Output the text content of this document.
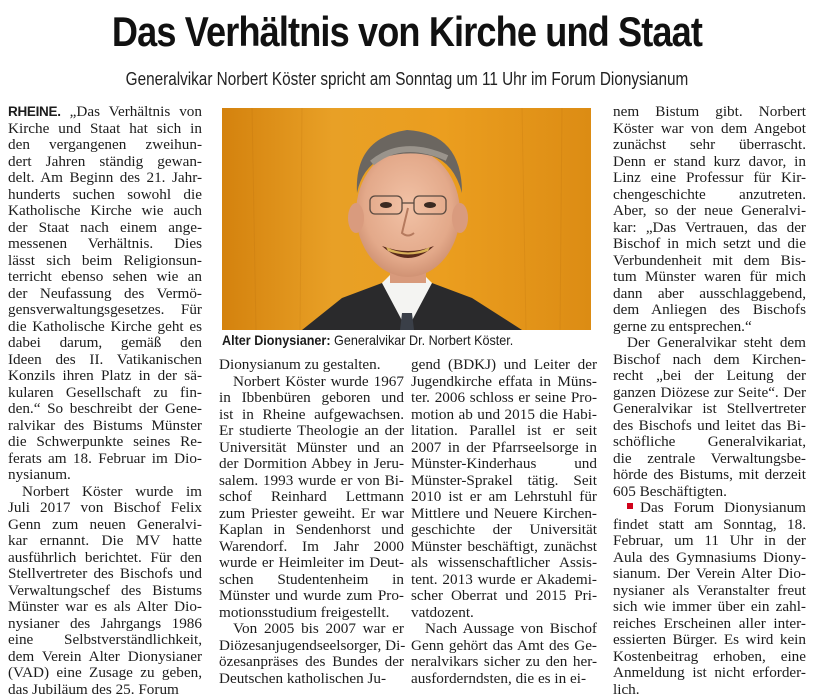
Das Verhältnis von Kirche und Staat

Generalvikar Norbert Köster spricht am Sonntag um 11 Uhr im Forum Dionysianum

RHEINE. „Das Verhältnis von
Kirche und Staat hat sich in
den vergangenen zweihun-
dert Jahren ständig gewan-
delt. Am Beginn des 21. Jahr-
hunderts suchen sowohl die
Katholische Kirche wie auch
der Staat nach einem ange-
messenen Verhältnis. Dies
lässt sich beim Religionsun-
terricht ebenso sehen wie an
der Neufassung des Vermö-
gensverwaltungsgesetzes. Für
die Katholische Kirche geht es
dabei darum, gemäß den
Ideen des II. Vatikanischen
Konzils ihren Platz in der sä-
kularen Gesellschaft zu fin-
den.“ So beschreibt der Gene-
ralvikar des Bistums Münster
die Schwerpunkte seines Re-
ferats am 18. Februar im Dio-
nysianum.
Norbert Köster wurde im
Juli 2017 von Bischof Felix
Genn zum neuen Generalvi-
kar ernannt. Die MV hatte
ausführlich berichtet. Für den
Stellvertreter des Bischofs und
Verwaltungschef des Bistums
Münster war es als Alter Dio-
nysianer des Jahrgangs 1986
eine Selbstverständlichkeit,
dem Verein Alter Dionysianer
(VAD) eine Zusage zu geben,
das Jubiläum des 25. Forum
Alter Dionysianer: Generalvikar Dr. Norbert Köster.
Dionysianum zu gestalten.
Norbert Köster wurde 1967
in Ibbenbüren geboren und
ist in Rheine aufgewachsen.
Er studierte Theologie an der
Universität Münster und an
der Dormition Abbey in Jeru-
salem. 1993 wurde er von Bi-
schof Reinhard Lettmann
zum Priester geweiht. Er war
Kaplan in Sendenhorst und
Warendorf. Im Jahr 2000
wurde er Heimleiter im Deut-
schen Studentenheim in
Münster und wurde zum Pro-
motionsstudium freigestellt.
Von 2005 bis 2007 war er
Diözesanjugendseelsorger, Di-
özesanpräses des Bundes der
Deutschen katholischen Ju-
gend (BDKJ) und Leiter der
Jugendkirche effata in Müns-
ter. 2006 schloss er seine Pro-
motion ab und 2015 die Habi-
litation. Parallel ist er seit
2007 in der Pfarrseelsorge in
Münster-Kinderhaus und
Münster-Sprakel tätig. Seit
2010 ist er am Lehrstuhl für
Mittlere und Neuere Kirchen-
geschichte der Universität
Münster beschäftigt, zunächst
als wissenschaftlicher Assis-
tent. 2013 wurde er Akademi-
scher Oberrat und 2015 Pri-
vatdozent.
Nach Aussage von Bischof
Genn gehört das Amt des Ge-
neralvikars sicher zu den her-
ausforderndsten, die es in ei-
nem Bistum gibt. Norbert
Köster war von dem Angebot
zunächst sehr überrascht.
Denn er stand kurz davor, in
Linz eine Professur für Kir-
chengeschichte anzutreten.
Aber, so der neue Generalvi-
kar: „Das Vertrauen, das der
Bischof in mich setzt und die
Verbundenheit mit dem Bis-
tum Münster waren für mich
dann aber ausschlaggebend,
dem Anliegen des Bischofs
gerne zu entsprechen.“
Der Generalvikar steht dem
Bischof nach dem Kirchen-
recht „bei der Leitung der
ganzen Diözese zur Seite“. Der
Generalvikar ist Stellvertreter
des Bischofs und leitet das Bi-
schöfliche Generalvikariat,
die zentrale Verwaltungsbe-
hörde des Bistums, mit derzeit
605 Beschäftigten.
Das Forum Dionysianum
findet statt am Sonntag, 18.
Februar, um 11 Uhr in der
Aula des Gymnasiums Diony-
sianum. Der Verein Alter Dio-
nysianer als Veranstalter freut
sich wie immer über ein zahl-
reiches Erscheinen aller inter-
essierten Bürger. Es wird kein
Kostenbeitrag erhoben, eine
Anmeldung ist nicht erforder-
lich.
